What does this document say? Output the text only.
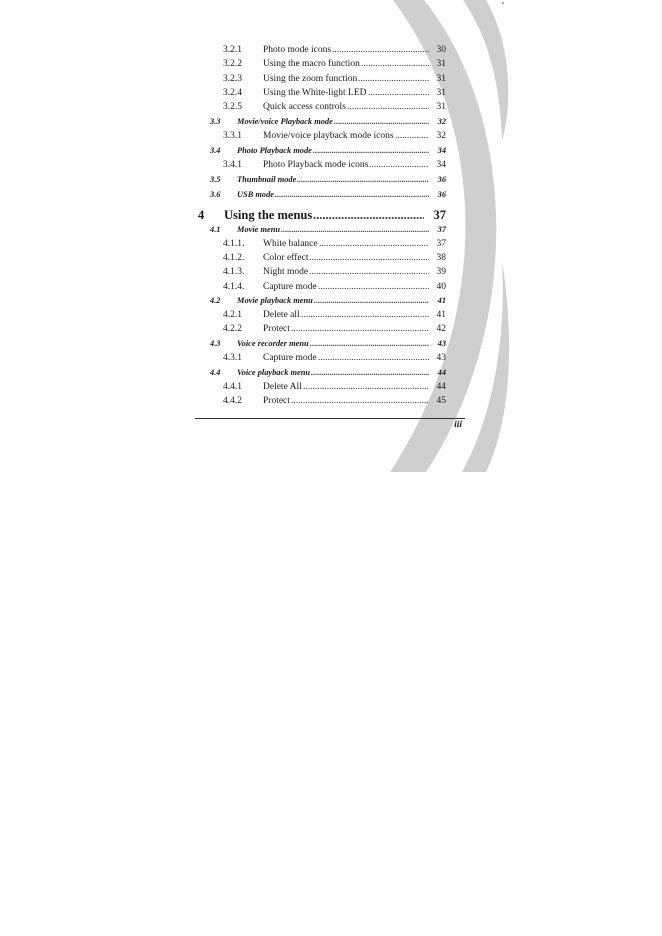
3.2.1	Photo mode icons .....	30
3.2.2	Using the macro function .....	31
3.2.3	Using the zoom function .....	31
3.2.4	Using the White-light LED .....	31
3.2.5	Quick access controls .....	31
3.3	Movie/voice Playback mode .....	32
3.3.1	Movie/voice playback mode icons .....	32
3.4	Photo Playback mode .....	34
3.4.1	Photo Playback mode icons .....	34
3.5	Thumbnail mode .....	36
3.6	USB mode .....	36
4	Using the menus .....	37
4.1	Movie menu .....	37
4.1.1.	White balance .....	37
4.1.2.	Color effect .....	38
4.1.3.	Night mode .....	39
4.1.4.	Capture mode .....	40
4.2	Movie playback menu .....	41
4.2.1	Delete all .....	41
4.2.2	Protect .....	42
4.3	Voice recorder menu .....	43
4.3.1	Capture mode .....	43
4.4	Voice playback menu .....	44
4.4.1	Delete All .....	44
4.4.2	Protect .....	45
iii
